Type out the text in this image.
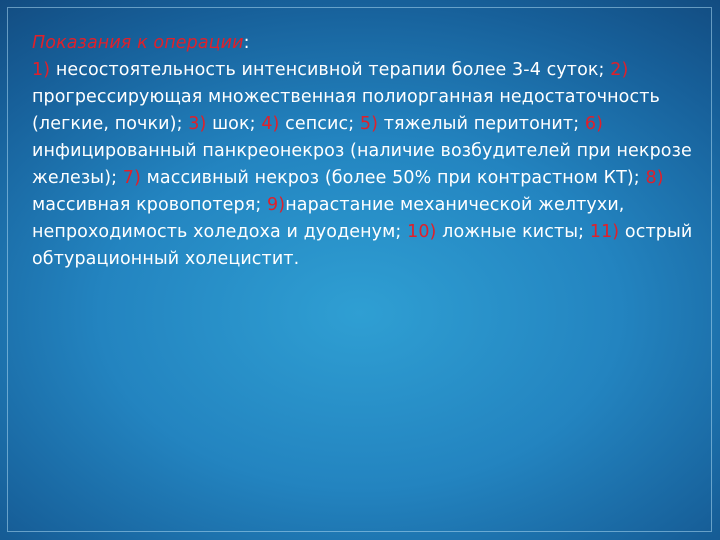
Показания к операции:
1) несостоятельность интенсивной терапии более 3-4 суток; 2) прогрессирующая множественная полиорганная недостаточность (легкие, почки); 3) шок; 4) сепсис; 5) тяжелый перитонит; 6) инфицированный панкреонекроз (наличие возбудителей при некрозе железы); 7) массивный некроз (более 50% при контрастном КТ); 8) массивная кровопотеря; 9)нарастание механической желтухи, непроходимость холедоха и дуоденум; 10) ложные кисты; 11) острый обтурационный холецистит.
